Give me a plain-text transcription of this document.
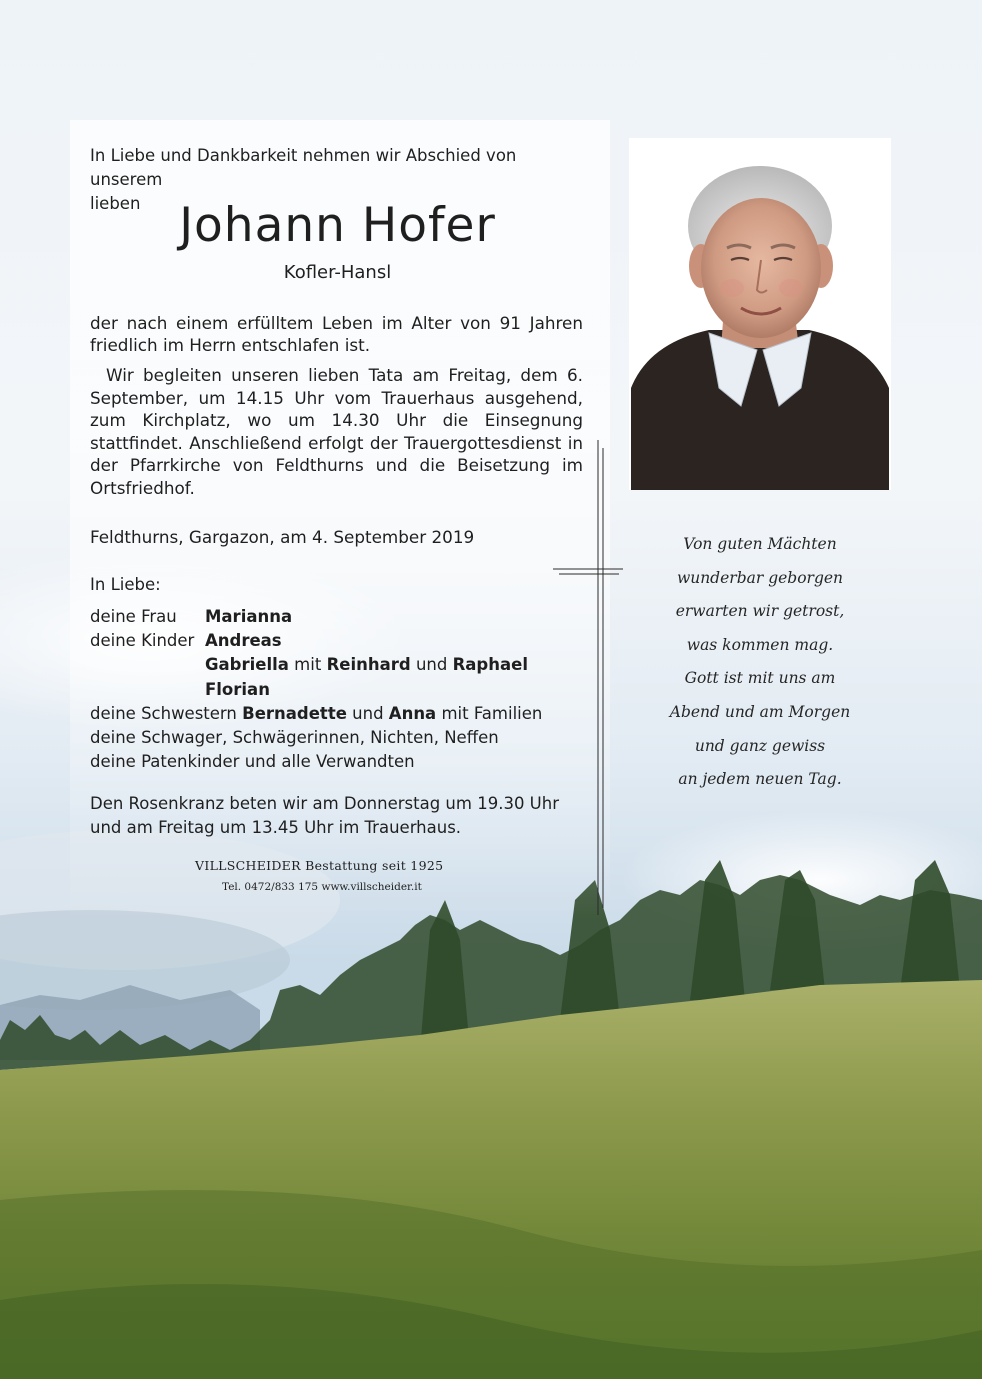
In Liebe und Dankbarkeit nehmen wir Abschied von unserem
lieben Johann Hofer
Kofler-Hansl
der nach einem erfülltem Leben im Alter von 91 Jahren friedlich im Herrn entschlafen ist.
Wir begleiten unseren lieben Tata am Freitag, dem 6. September, um 14.15 Uhr vom Trauerhaus ausgehend, zum Kirchplatz, wo um 14.30 Uhr die Einsegnung stattfindet. Anschließend erfolgt der Trauergottesdienst in der Pfarrkirche von Feldthurns und die Beisetzung im Ortsfriedhof.
Feldthurns, Gargazon, am 4. September 2019
In Liebe:
deine Frau Marianna
deine Kinder Andreas
Gabriella mit Reinhard und Raphael
Florian
deine Schwestern Bernadette und Anna mit Familien
deine Schwager, Schwägerinnen, Nichten, Neffen
deine Patenkinder und alle Verwandten
Den Rosenkranz beten wir am Donnerstag um 19.30 Uhr
und am Freitag um 13.45 Uhr im Trauerhaus.
VILLSCHEIDER Bestattung seit 1925
Tel. 0472/833 175 www.villscheider.it
Von guten Mächten
wunderbar geborgen
erwarten wir getrost,
was kommen mag.
Gott ist mit uns am
Abend und am Morgen
und ganz gewiss
an jedem neuen Tag.
